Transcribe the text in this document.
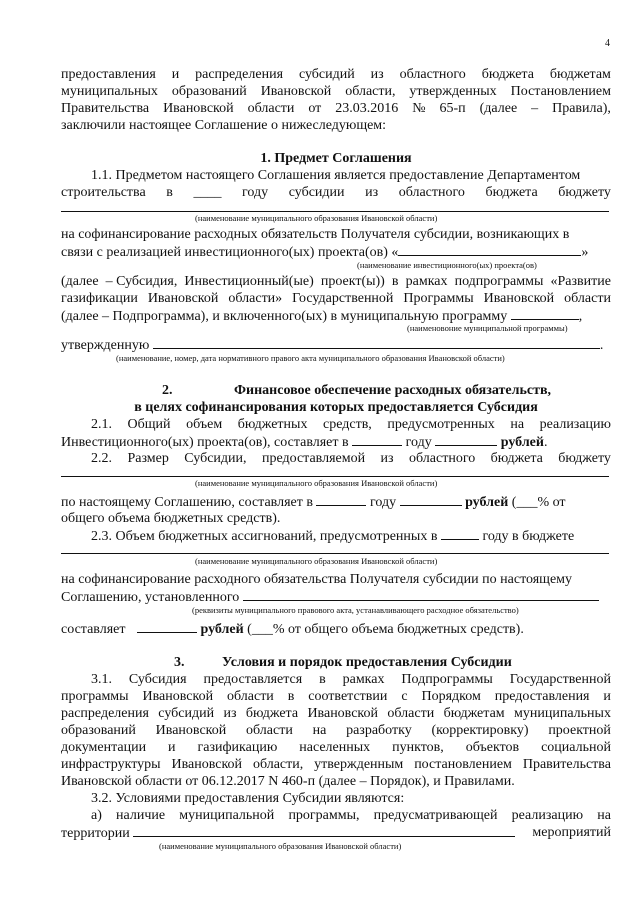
4
предоставления и распределения субсидий из областного бюджета бюджетам
муниципальных образований Ивановской области, утвержденных Постановлением
Правительства Ивановской области от 23.03.2016 № 65-п (далее – Правила),
заключили настоящее Соглашение о нижеследующем:
1. Предмет Соглашения
1.1. Предметом настоящего Соглашения является предоставление Департаментом
строительства в ____ году субсидии из областного бюджета бюджету
(наименование муниципального образования Ивановской области)
на софинансирование расходных обязательств Получателя субсидии, возникающих в
связи с реализацией инвестиционного(ых) проекта(ов) «	»
(наименование инвестиционного(ых) проекта(ов)
(далее – Субсидия, Инвестиционный(ые) проект(ы)) в рамках подпрограммы «Развитие
газификации Ивановской области» Государственной Программы Ивановской области
(далее – Подпрограмма), и включенного(ых) в муниципальную программу	,
(наименовоние муниципальной программы)
утвержденную	.
(наименование, номер, дата нормативного правого акта муниципального образования Ивановской области)
2.	Финансовое обеспечение расходных обязательств,
в целях софинансирования которых предоставляется Субсидия
2.1. Общий объем бюджетных средств, предусмотренных на реализацию
Инвестиционного(ых) проекта(ов), составляет в	году	рублей.
2.2. Размер Субсидии, предоставляемой из областного бюджета бюджету
(наименование муниципального образования Ивановской области)
по настоящему Соглашению, составляет в	году	рублей (___% от
общего объема бюджетных средств).
2.3. Объем бюджетных ассигнований, предусмотренных в	году в бюджете
(наименование муниципального образования Ивановской области)
на софинансирование расходного обязательства Получателя субсидии по настоящему
Соглашению, установленного
(реквизиты муниципального правового акта, устанавливающего расходное обязательство)
составляет	рублей (___% от общего объема бюджетных средств).
3.	Условия и порядок предоставления Субсидии
3.1. Субсидия предоставляется в рамках Подпрограммы Государственной
программы Ивановской области в соответствии с Порядком предоставления и
распределения субсидий из бюджета Ивановской области бюджетам муниципальных
образований Ивановской области на разработку (корректировку) проектной
документации и газификацию населенных пунктов, объектов социальной
инфраструктуры Ивановской области, утвержденным постановлением Правительства
Ивановской области от 06.12.2017 N 460-п (далее – Порядок), и Правилами.
3.2. Условиями предоставления Субсидии являются:
а) наличие муниципальной программы, предусматривающей реализацию на
территории	мероприятий
(наименование муниципального образования Ивановской области)
